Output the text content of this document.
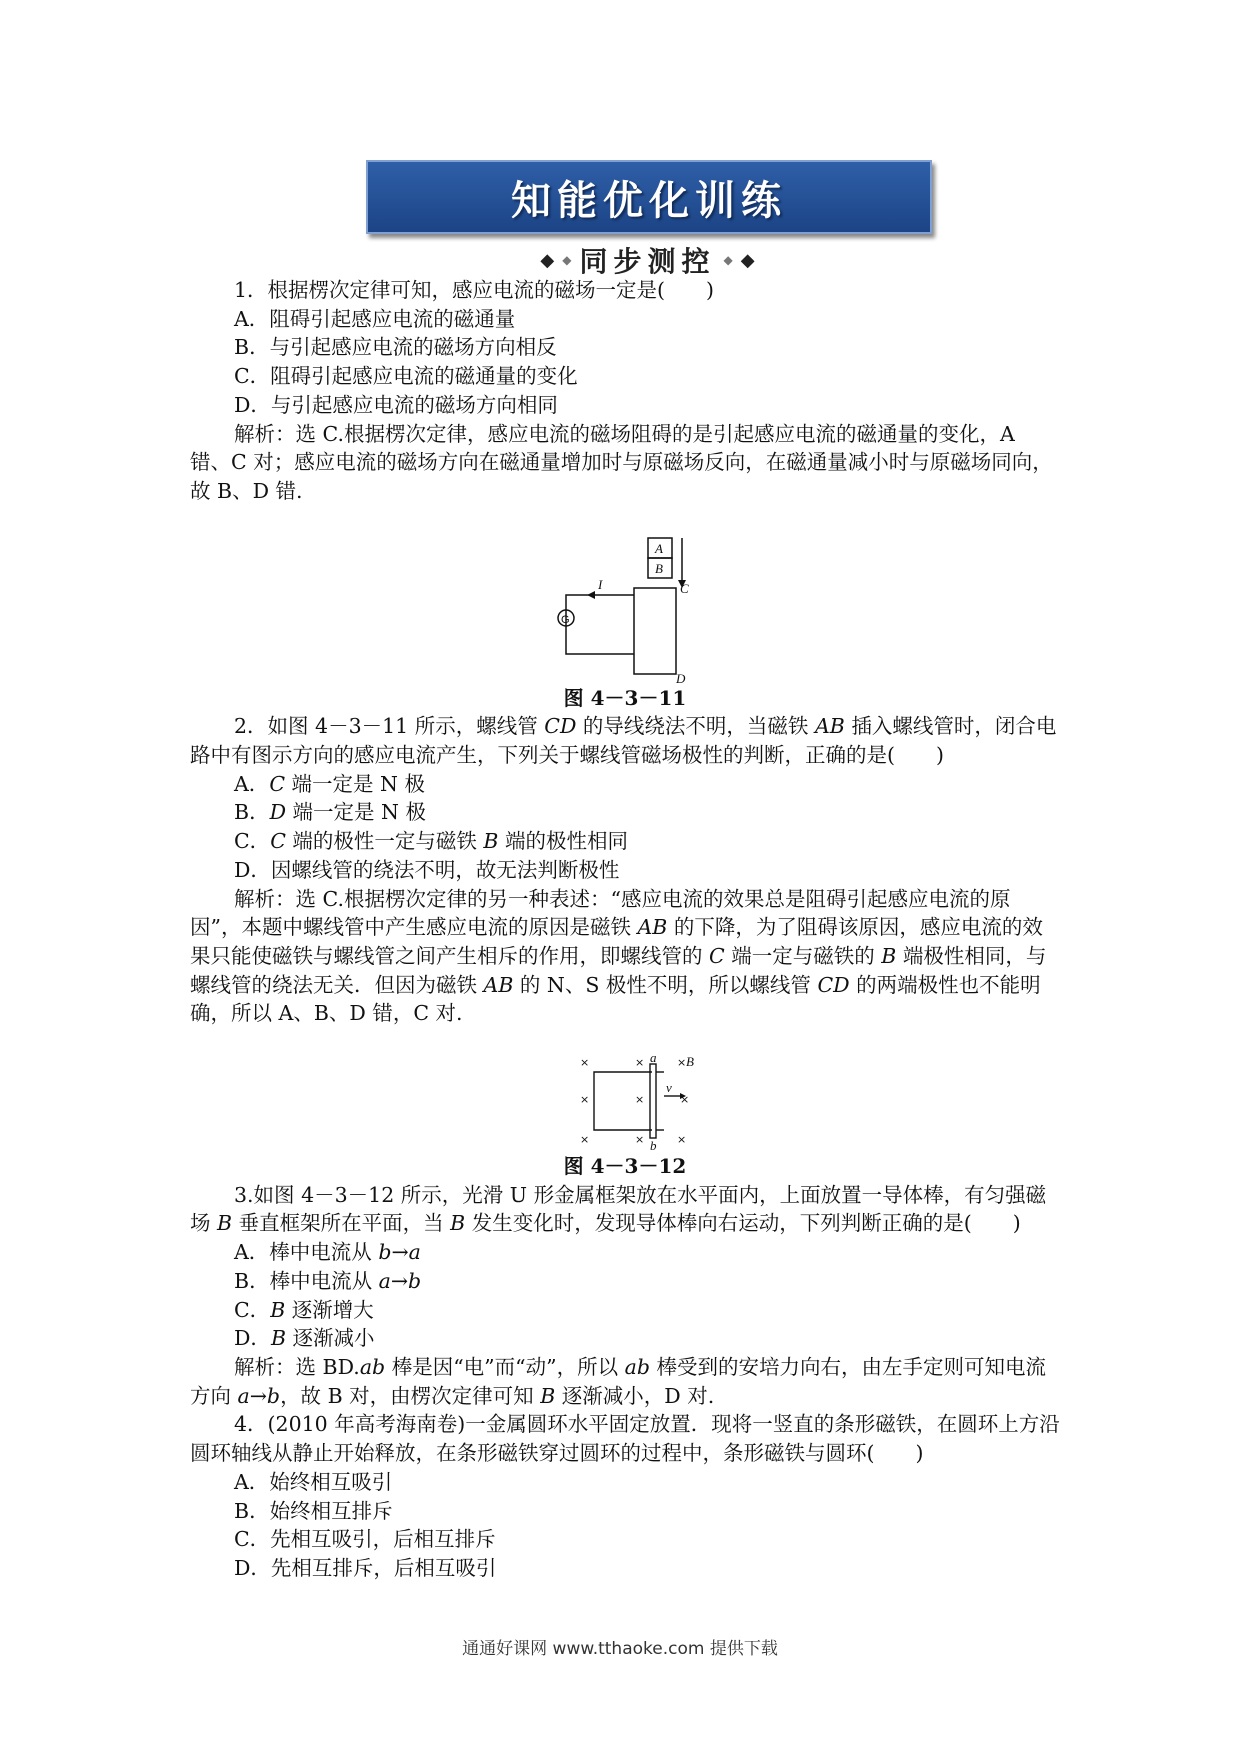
知能优化训练
◆ ◆ 同步测控 ◆ ◆

1．根据楞次定律可知，感应电流的磁场一定是(　　)

A．阻碍引起感应电流的磁通量

B．与引起感应电流的磁场方向相反

C．阻碍引起感应电流的磁通量的变化

D．与引起感应电流的磁场方向相同

解析：选 C.根据楞次定律，感应电流的磁场阻碍的是引起感应电流的磁通量的变化，A 错、C 对；感应电流的磁场方向在磁通量增加时与原磁场反向，在磁通量减小时与原磁场同向，故 B、D 错.

A
B
C
D
I
G

图 4－3－11

2．如图 4－3－11 所示，螺线管 CD 的导线绕法不明，当磁铁 AB 插入螺线管时，闭合电路中有图示方向的感应电流产生，下列关于螺线管磁场极性的判断，正确的是(　　)

A．C 端一定是 N 极

B．D 端一定是 N 极

C．C 端的极性一定与磁铁 B 端的极性相同

D．因螺线管的绕法不明，故无法判断极性

解析：选 C.根据楞次定律的另一种表述：“感应电流的效果总是阻碍引起感应电流的原因”，本题中螺线管中产生感应电流的原因是磁铁 AB 的下降，为了阻碍该原因，感应电流的效果只能使磁铁与螺线管之间产生相斥的作用，即螺线管的 C 端一定与磁铁的 B 端极性相同，与螺线管的绕法无关．但因为磁铁 AB 的 N、S 极性不明，所以螺线管 CD 的两端极性也不能明确，所以 A、B、D 错，C 对.

×	×	×
×	×	×
×	×	×
a
b
B
v

图 4－3－12

3.如图 4－3－12 所示，光滑 U 形金属框架放在水平面内，上面放置一导体棒，有匀强磁场 B 垂直框架所在平面，当 B 发生变化时，发现导体棒向右运动，下列判断正确的是(　　)

A．棒中电流从 b→a

B．棒中电流从 a→b

C．B 逐渐增大

D．B 逐渐减小

解析：选 BD.ab 棒是因“电”而“动”，所以 ab 棒受到的安培力向右，由左手定则可知电流方向 a→b，故 B 对，由楞次定律可知 B 逐渐减小，D 对.

4．(2010 年高考海南卷)一金属圆环水平固定放置．现将一竖直的条形磁铁，在圆环上方沿圆环轴线从静止开始释放，在条形磁铁穿过圆环的过程中，条形磁铁与圆环(　　)

A．始终相互吸引

B．始终相互排斥

C．先相互吸引，后相互排斥

D．先相互排斥，后相互吸引

通通好课网 www.tthaoke.com 提供下载
